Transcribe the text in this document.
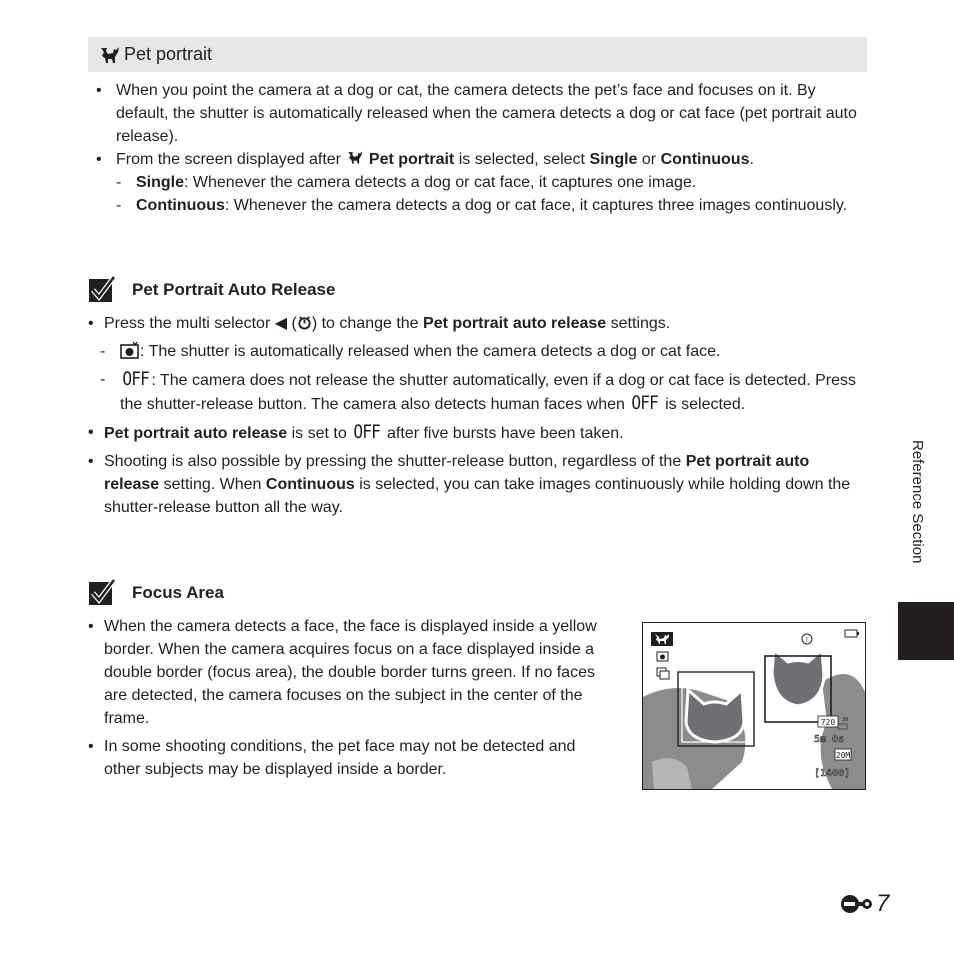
Pet portrait

• When you point the camera at a dog or cat, the camera detects the pet’s face and focuses on it. By default, the shutter is automatically released when the camera detects a dog or cat face (pet portrait auto release).

• From the screen displayed after Pet portrait is selected, select Single or Continuous.

- Single: Whenever the camera detects a dog or cat face, it captures one image.

- Continuous: Whenever the camera detects a dog or cat face, it captures three images continuously.

Pet Portrait Auto Release

• Press the multi selector ◀ ( ) to change the Pet portrait auto release settings.

- : The shutter is automatically released when the camera detects a dog or cat face.

- OFF : The camera does not release the shutter automatically, even if a dog or cat face is detected. Press the shutter-release button. The camera also detects human faces when OFF is selected.

• Pet portrait auto release is set to OFF after five bursts have been taken.

• Shooting is also possible by pressing the shutter-release button, regardless of the Pet portrait auto release setting. When Continuous is selected, you can take images continuously while holding down the shutter-release button all the way.

Focus Area

• When the camera detects a face, the face is displayed inside a yellow border. When the camera acquires focus on a face displayed inside a double border (focus area), the double border turns green. If no faces are detected, the camera focuses on the subject in the center of the frame.

• In some shooting conditions, the pet face may not be detected and other subjects may be displayed inside a border.

!
720 30
5m 0s
20M
[1400]
Reference Section
7
